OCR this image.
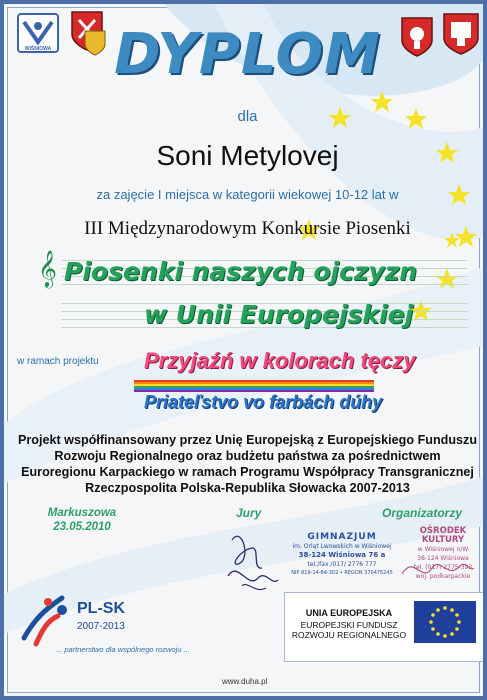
WIŚNIOWA	DYPLOM
dla
Soni Metylovej
za zajęcie I miejsca w kategorii wiekowej 10-12 lat w
III Międzynarodowym Konkursie Piosenki
𝄞 Piosenki naszych ojczyzn
w Unii Europejskiej
w ramach projektu Przyjaźń w kolorach tęczy
Priateľstvo vo farbách dúhy
Projekt współfinansowany przez Unię Europejską z Europejskiego Funduszu
Rozwoju Regionalnego oraz budżetu państwa za pośrednictwem
Euroregionu Karpackiego w ramach Programu Współpracy Transgranicznej
Rzeczpospolita Polska-Republika Słowacka 2007-2013
Markuszowa
23.05.2010
Jury	Organizatorzy
GIMNAZJUM
im. Orląt Lwowskich w Wiśniowej
38-124 Wiśniowa 76 a
tel./fax /017/ 2776 777
NIP 819-14-84-302 • REGON 370475245
OŚRODEK KULTURY
w Wiśniowej n/W
38-124 Wiśniowa
tel. (017) 2775-393
woj. podkarpackie
PL-SK
2007-2013
... partnerstwo dla wspólnego rozwoju ...
UNIA EUROPEJSKA
EUROPEJSKI FUNDUSZ
ROZWOJU REGIONALNEGO
www.duha.pl
